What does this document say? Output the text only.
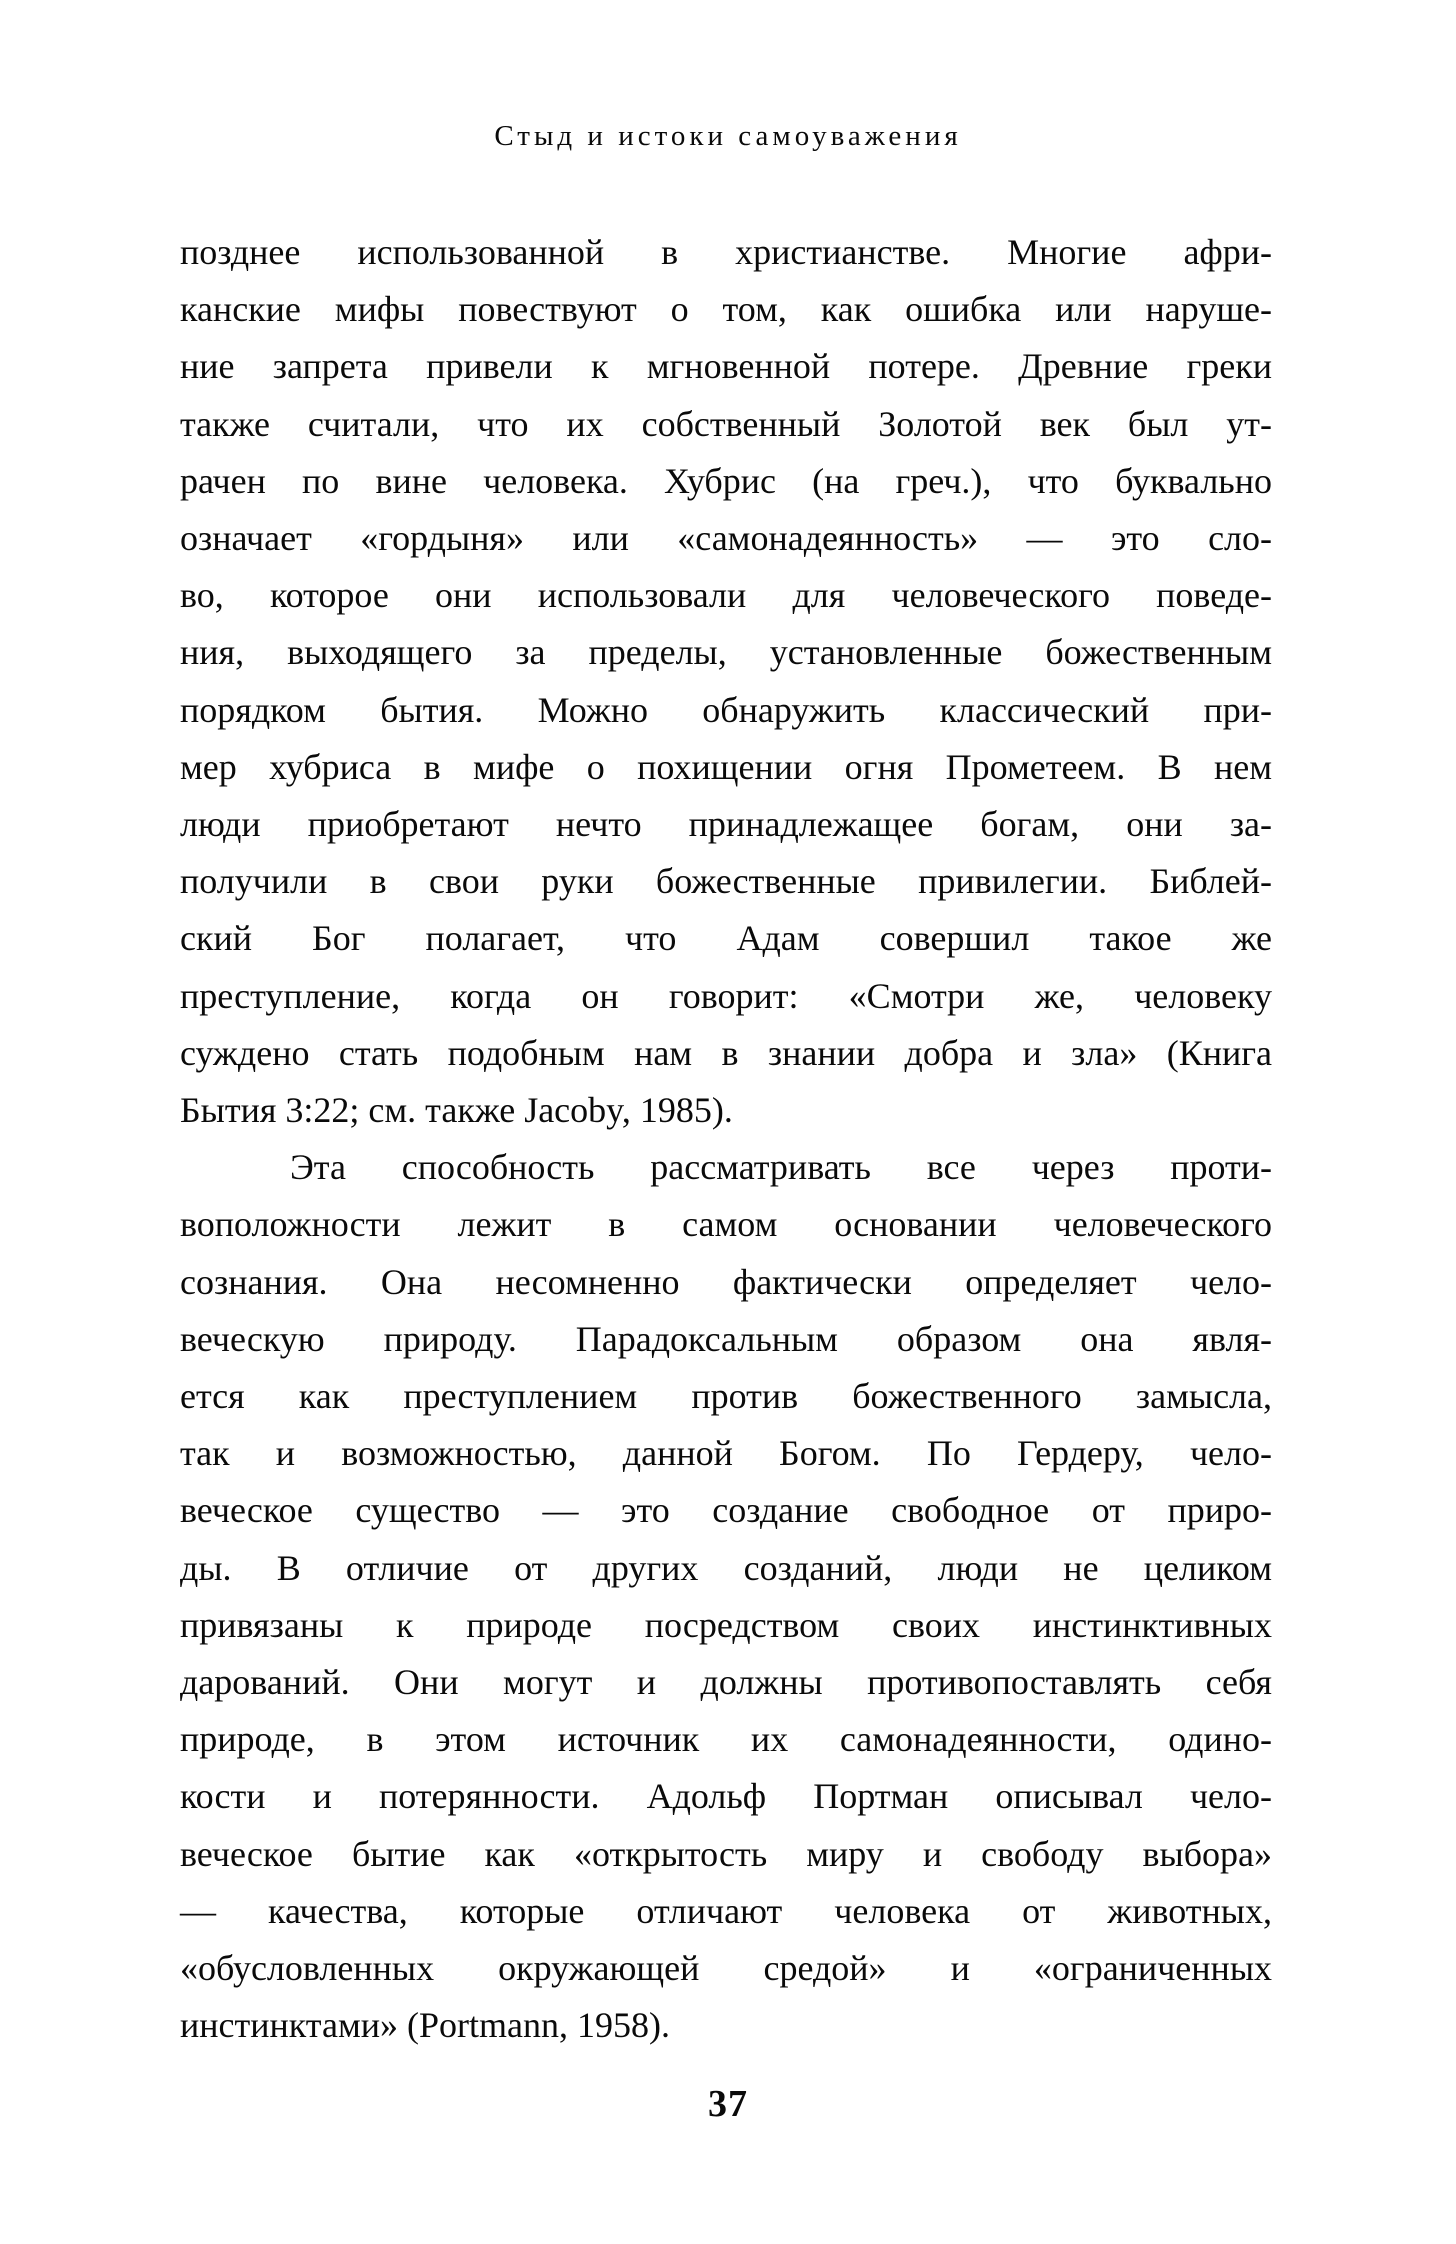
Стыд и истоки самоуважения
позднее использованной в христианстве. Многие афри-
канские мифы повествуют о том, как ошибка или наруше-
ние запрета привели к мгновенной потере. Древние греки
также считали, что их собственный Золотой век был ут-
рачен по вине человека. Хубрис (на греч.), что буквально
означает «гордыня» или «самонадеянность» — это сло-
во, которое они использовали для человеческого поведе-
ния, выходящего за пределы, установленные божественным
порядком бытия. Можно обнаружить классический при-
мер хубриса в мифе о похищении огня Прометеем. В нем
люди приобретают нечто принадлежащее богам, они за-
получили в свои руки божественные привилегии. Библей-
ский Бог полагает, что Адам совершил такое же
преступление, когда он говорит: «Смотри же, человеку
суждено стать подобным нам в знании добра и зла» (Книга
Бытия 3:22; см. также Jacoby, 1985).
Эта способность рассматривать все через проти-
воположности лежит в самом основании человеческого
сознания. Она несомненно фактически определяет чело-
веческую природу. Парадоксальным образом она явля-
ется как преступлением против божественного замысла,
так и возможностью, данной Богом. По Гердеру, чело-
веческое существо — это создание свободное от приро-
ды. В отличие от других созданий, люди не целиком
привязаны к природе посредством своих инстинктивных
дарований. Они могут и должны противопоставлять себя
природе, в этом источник их самонадеянности, одино-
кости и потерянности. Адольф Портман описывал чело-
веческое бытие как «открытость миру и свободу выбора»
— качества, которые отличают человека от животных,
«обусловленных окружающей средой» и «ограниченных
инстинктами» (Portmann, 1958).
37
